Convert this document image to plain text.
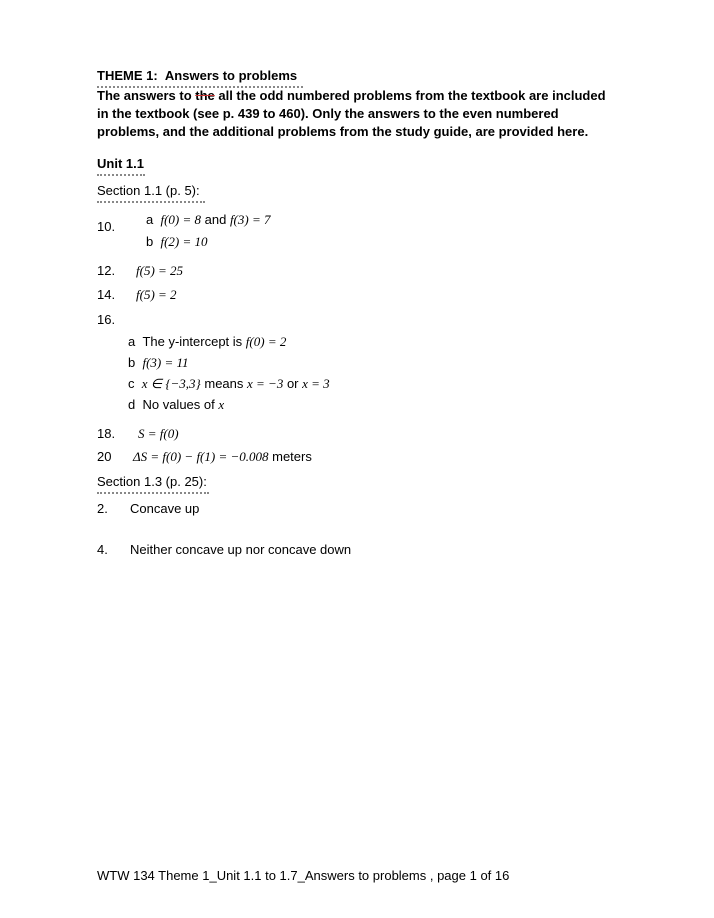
THEME 1: Answers to problems
The answers to the all the odd numbered problems from the textbook are included
in the textbook (see p. 439 to 460). Only the answers to the even numbered
problems, and the additional problems from the study guide, are provided here.
Unit 1.1
Section 1.1 (p. 5):
10. a f(0) = 8 and f(3) = 7
b f(2) = 10
12. f(5) = 25
14. f(5) = 2
16.
a The y-intercept is f(0) = 2
b f(3) = 11
c x ∈ {−3,3} means x = −3 or x = 3
d No values of x
18. S = f(0)
20 ΔS = f(0) − f(1) = −0.008 meters
Section 1.3 (p. 25):
2. Concave up
4. Neither concave up nor concave down
WTW 134 Theme 1_Unit 1.1 to 1.7_Answers to problems , page 1 of 16
